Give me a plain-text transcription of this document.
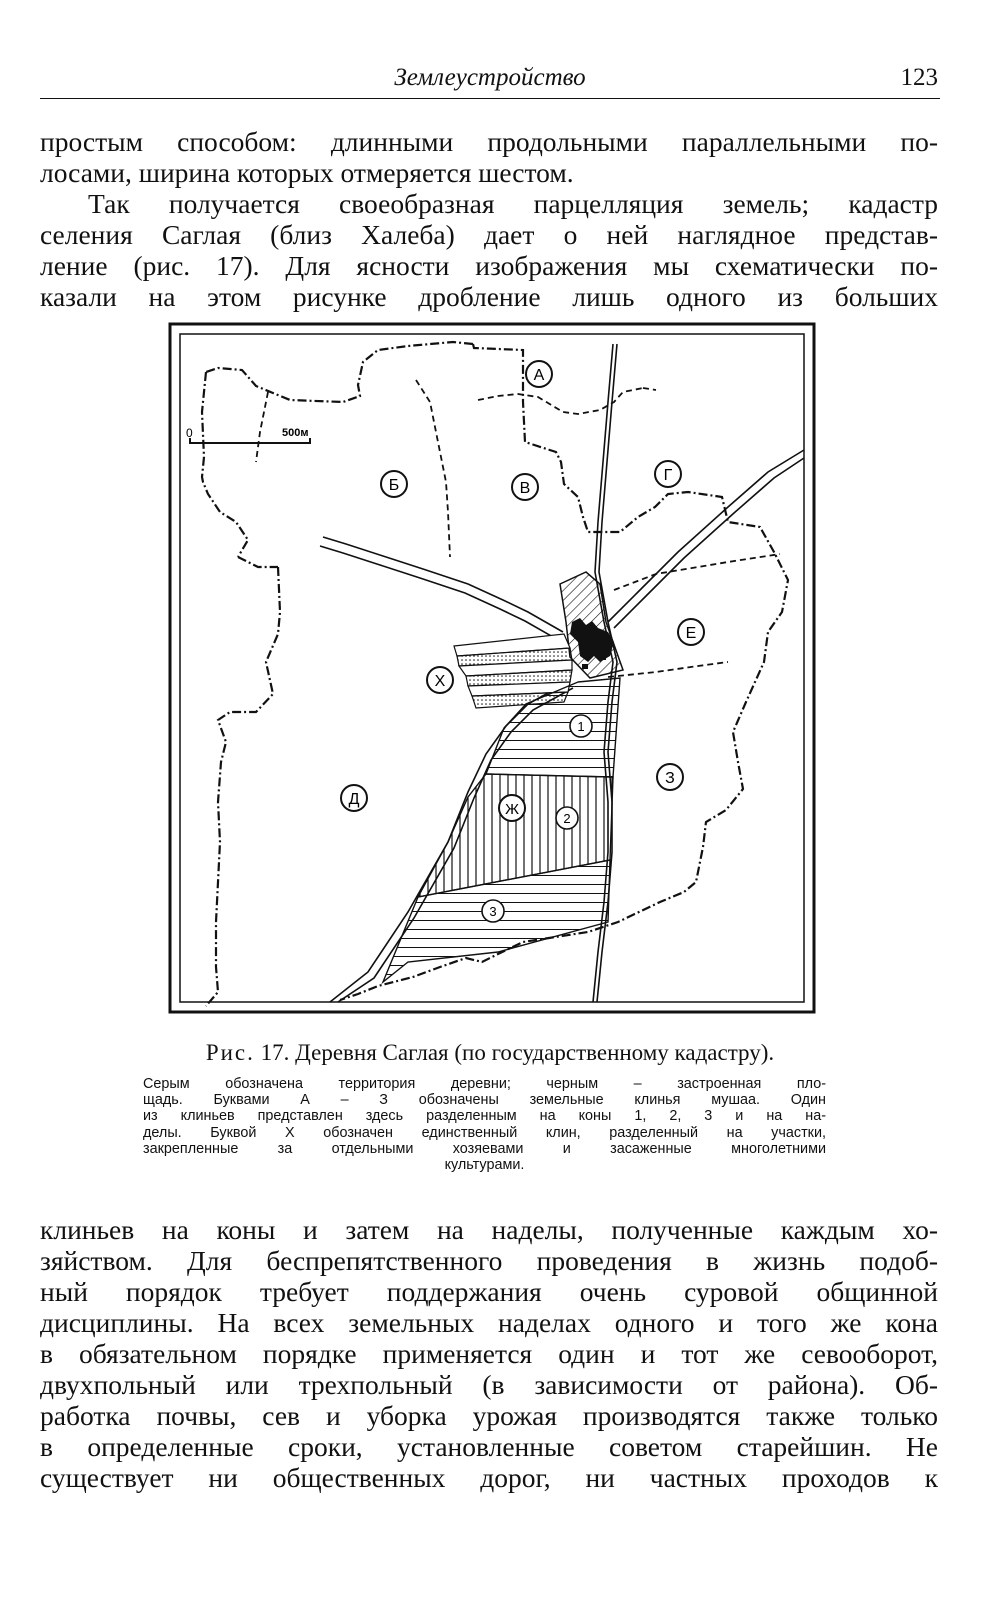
Землеустройство	123
простым способом: длинными продольными параллельными по-
лосами, ширина которых отмеряется шестом.
Так получается своеобразная парцелляция земель; кадастр
селения Саглая (близ Халеба) дает о ней наглядное представ-
ление (рис. 17). Для ясности изображения мы схематически по-
казали на этом рисунке дробление лишь одного из больших
0	500м
А
Б	В
Г
Д
Е
Ж
З
Х
1
2
3
Рис. 17. Деревня Саглая (по государственному кадастру).
Серым обозначена территория деревни; черным – застроенная пло-
щадь. Буквами А – З обозначены земельные клинья мушаа. Один
из клиньев представлен здесь разделенным на коны 1, 2, 3 и на на-
делы. Буквой Х обозначен единственный клин, разделенный на участки,
закрепленные за отдельными хозяевами и засаженные многолетними
культурами.
клиньев на коны и затем на наделы, полученные каждым хо-
зяйством. Для беспрепятственного проведения в жизнь подоб-
ный порядок требует поддержания очень суровой общинной
дисциплины. На всех земельных наделах одного и того же кона
в обязательном порядке применяется один и тот же севооборот,
двухпольный или трехпольный (в зависимости от района). Об-
работка почвы, сев и уборка урожая производятся также только
в определенные сроки, установленные советом старейшин. Не
существует ни общественных дорог, ни частных проходов к
